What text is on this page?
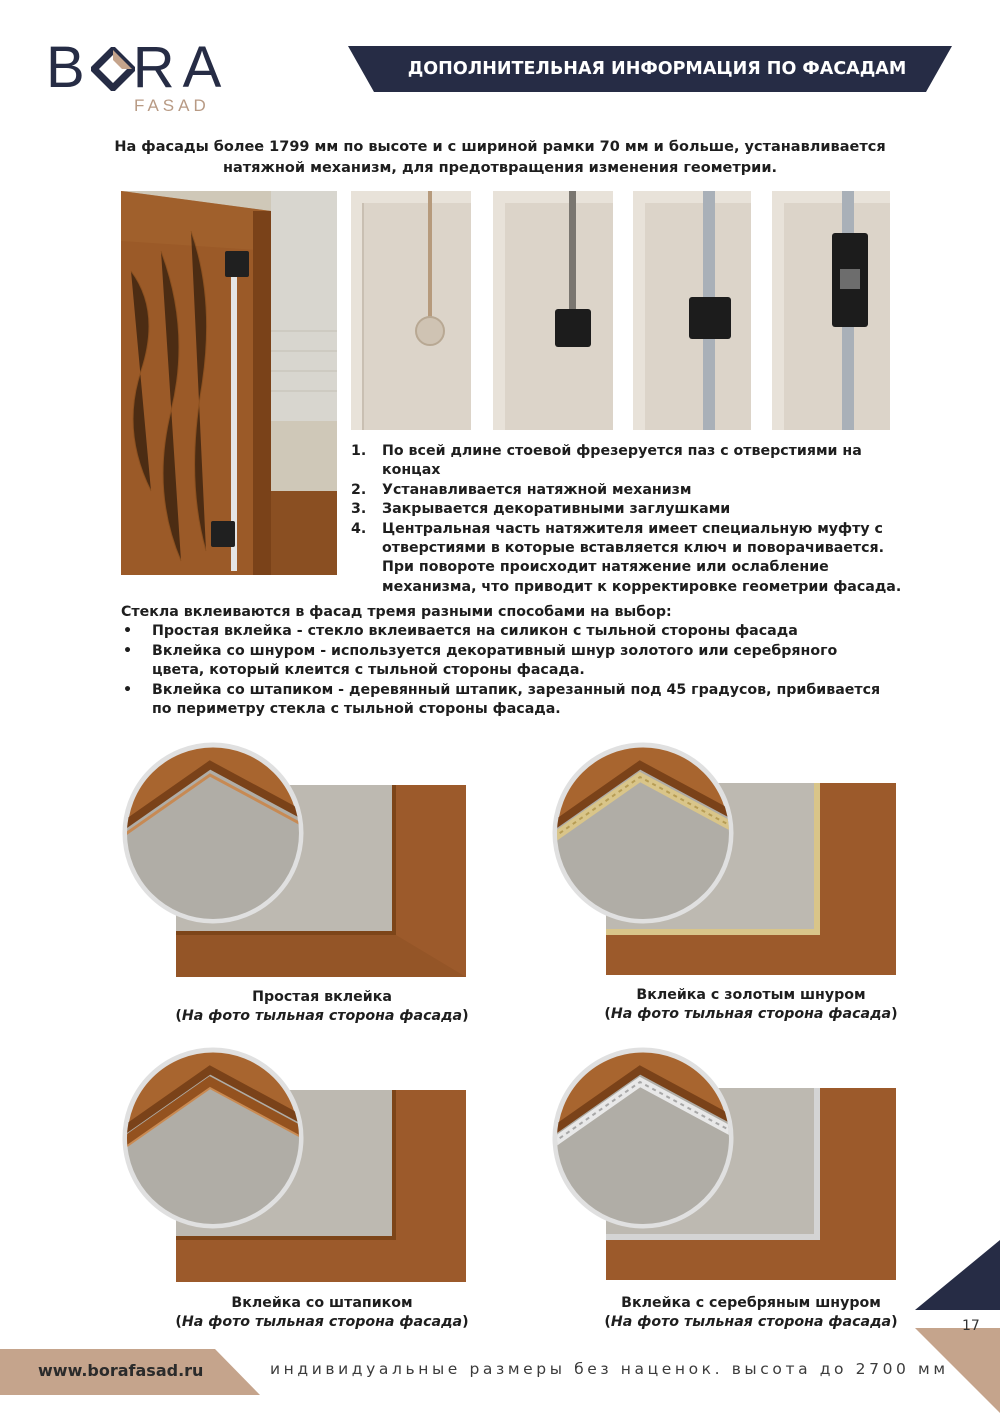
B RA
FASAD
ДОПОЛНИТЕЛЬНАЯ ИНФОРМАЦИЯ ПО ФАСАДАМ
На фасады более 1799 мм по высоте и с шириной рамки 70 мм и больше, устанавливается
натяжной механизм, для предотвращения изменения геометрии.
1. По всей длине стоевой фрезеруется паз с отверстиями на концах
2. Устанавливается натяжной механизм
3. Закрывается декоративными заглушками
4. Центральная часть натяжителя имеет специальную муфту с отверстиями в которые вставляется ключ и поворачивается. При повороте происходит натяжение или ослабление механизма, что приводит к корректировке геометрии фасада.
Стекла вклеиваются в фасад тремя разными способами на выбор:
• Простая вклейка - стекло вклеивается на силикон с тыльной стороны фасада
• Вклейка со шнуром - используется декоративный шнур золотого или серебряного цвета, который клеится с тыльной стороны фасада.
• Вклейка со штапиком - деревянный штапик, зарезанный под 45 градусов, прибивается по периметру стекла с тыльной стороны фасада.
Простая вклейка
(На фото тыльная сторона фасада)
Вклейка с золотым шнуром
(На фото тыльная сторона фасада)
Вклейка со штапиком
(На фото тыльная сторона фасада)
Вклейка с серебряным шнуром
(На фото тыльная сторона фасада)
www.borafasad.ru	индивидуальные размеры без наценок. высота до 2700 мм
17
